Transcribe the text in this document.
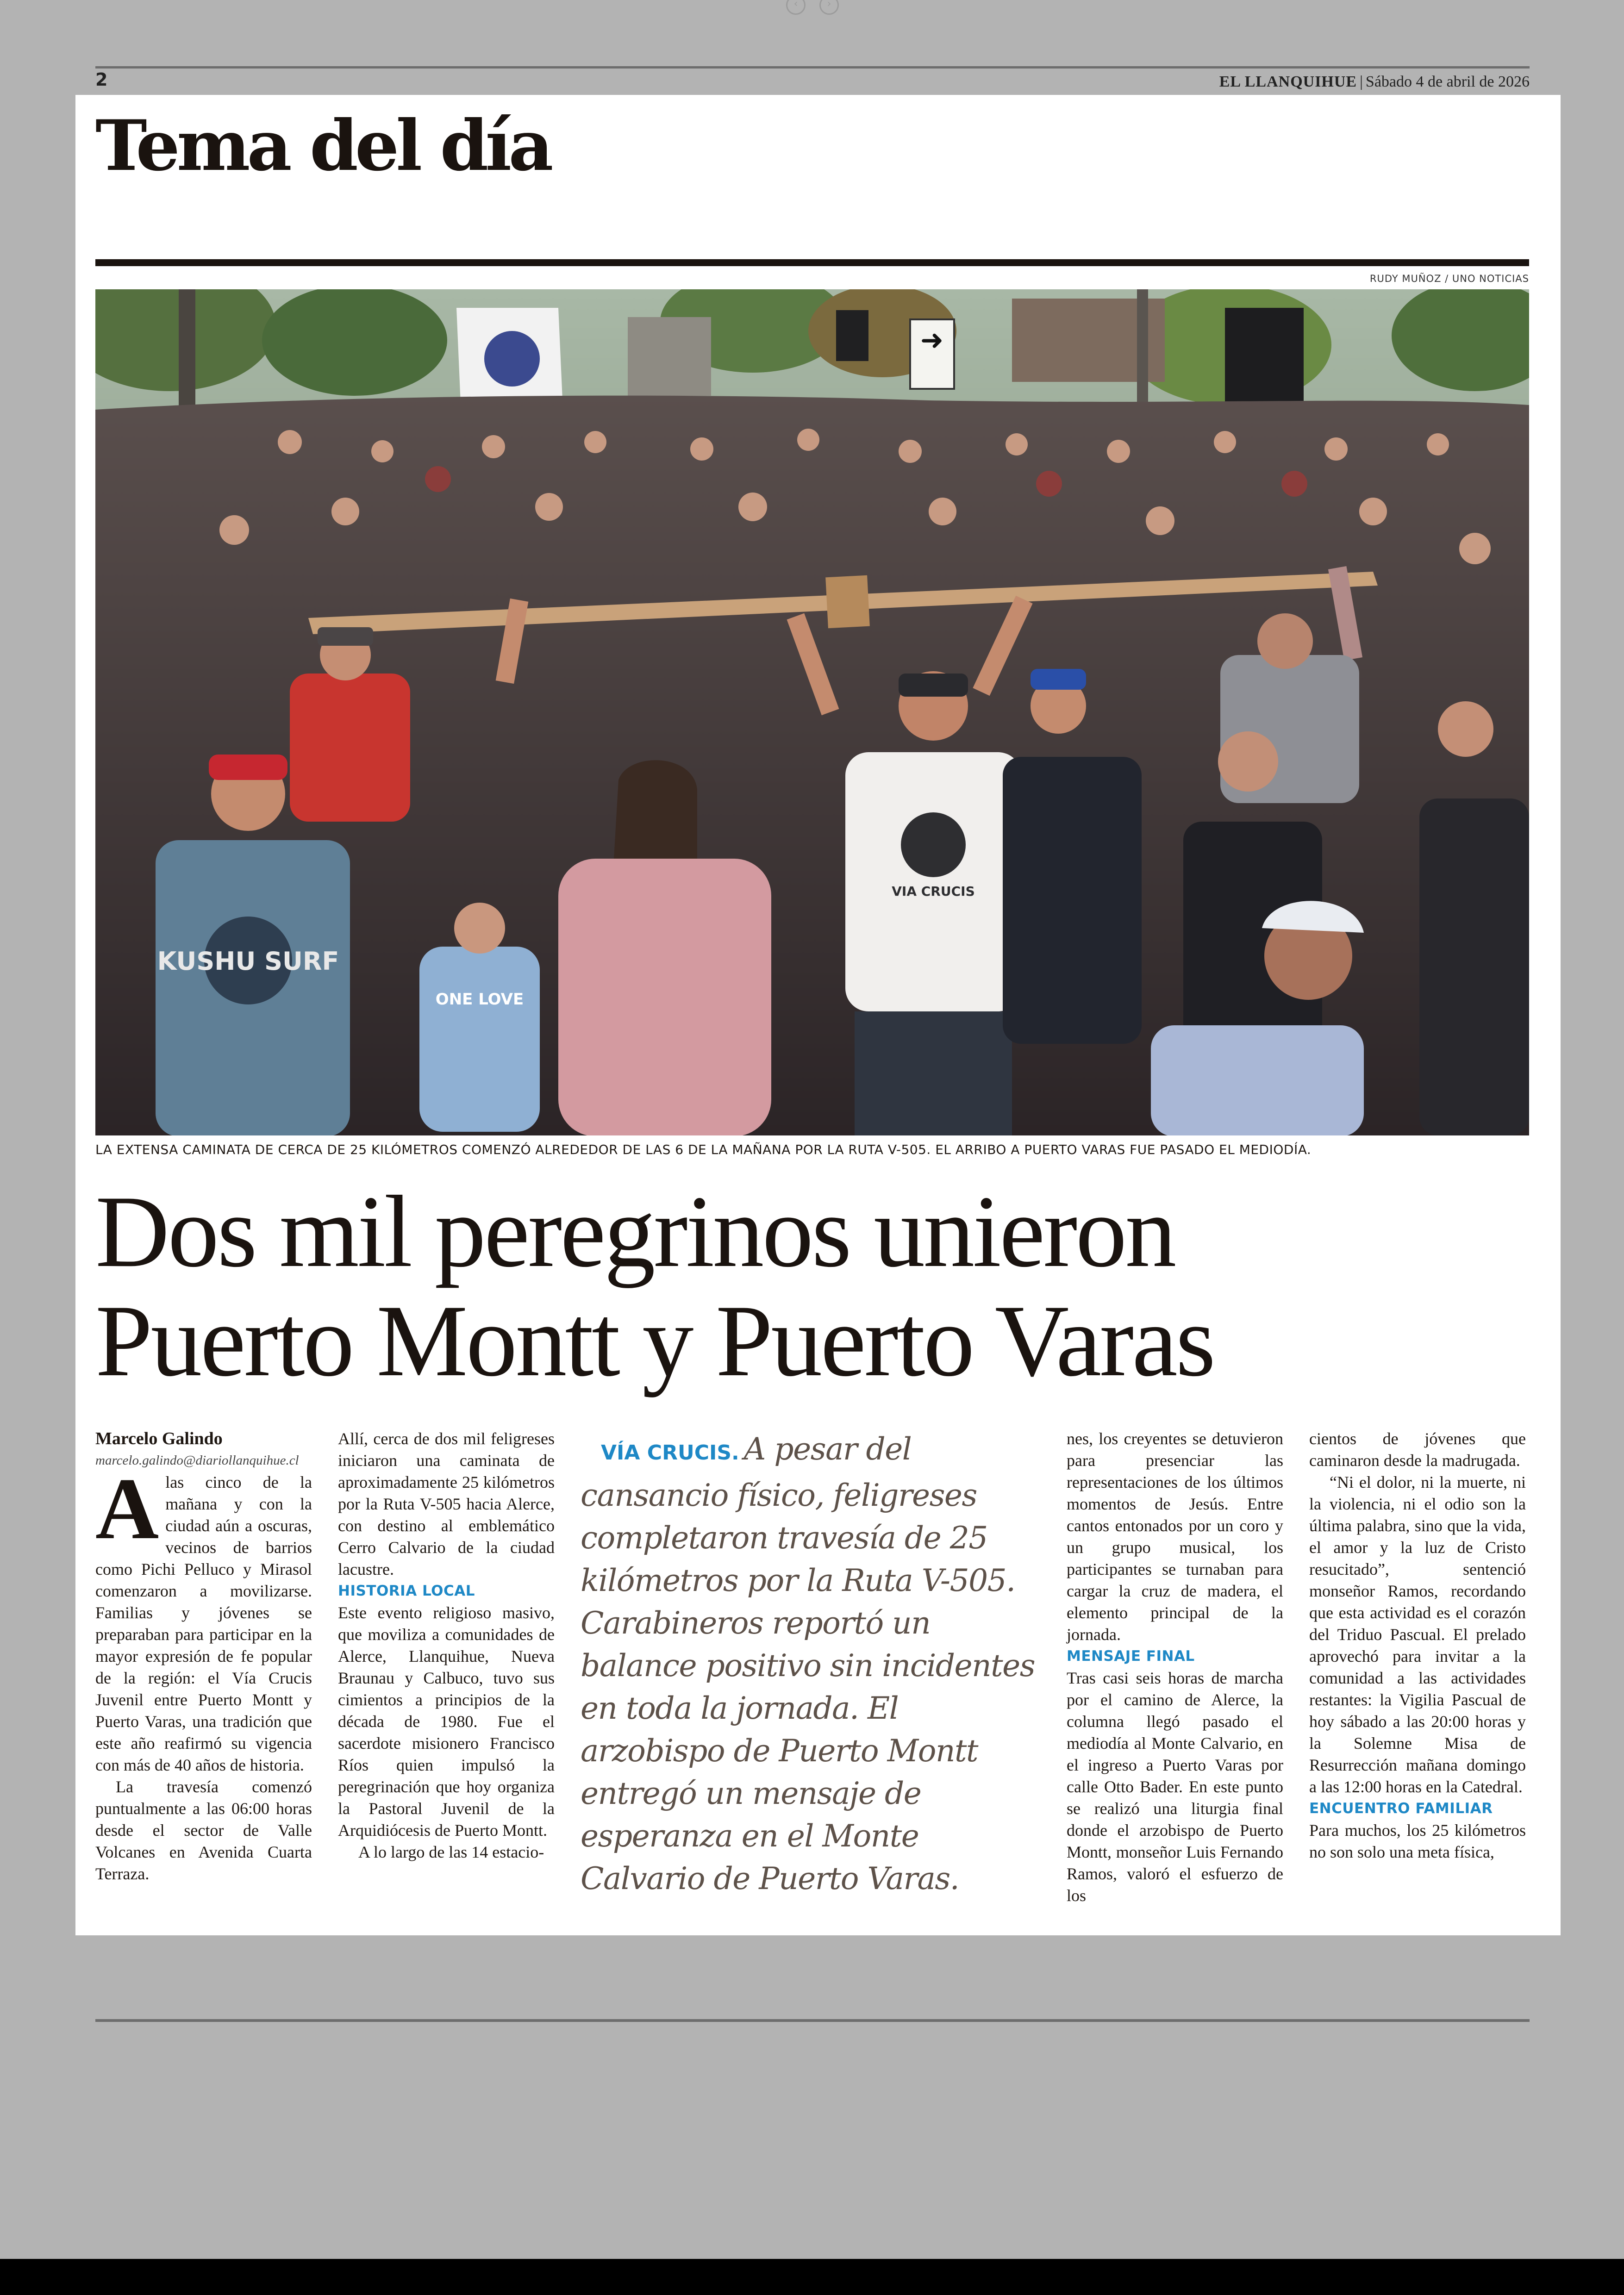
‹	›
2	EL LLANQUIHUE | Sábado 4 de abril de 2026
Tema del día
RUDY MUÑOZ / UNO NOTICIAS
➜
KUSHU SURF
ONE LOVE
VIA CRUCIS
LA EXTENSA CAMINATA DE CERCA DE 25 KILÓMETROS COMENZÓ ALREDEDOR DE LAS 6 DE LA MAÑANA POR LA RUTA V-505. EL ARRIBO A PUERTO VARAS FUE PASADO EL MEDIODÍA.
Dos mil peregrinos unieron
Puerto Montt y Puerto Varas

Marcelo Galindo

marcelo.galindo@diariollanquihue.cl

Alas cinco de la mañana y con la ciudad aún a oscuras, vecinos de barrios como Pichi Pelluco y Mirasol comenzaron a movilizarse. Familias y jóvenes se preparaban para participar en la mayor expresión de fe popular de la región: el Vía Crucis Juvenil entre Puerto Montt y Puerto Varas, una tradición que este año reafirmó su vigencia con más de 40 años de historia.

La travesía comenzó puntualmente a las 06:00 horas desde el sector de Valle Volcanes en Avenida Cuarta Terraza.

Allí, cerca de dos mil feligreses iniciaron una caminata de aproximadamente 25 kilómetros por la Ruta V-505 hacia Alerce, con destino al emblemático Cerro Calvario de la ciudad lacustre.

HISTORIA LOCAL

Este evento religioso masivo, que moviliza a comunidades de Alerce, Llanquihue, Nueva Braunau y Calbuco, tuvo sus cimientos a principios de la década de 1980. Fue el sacerdote misionero Francisco Ríos quien impulsó la peregrinación que hoy organiza la Pastoral Juvenil de la Arquidiócesis de Puerto Montt.

A lo largo de las 14 estacio-

VÍA CRUCIS. A pesar del cansancio físico, feligreses completaron travesía de 25 kilómetros por la Ruta V-505. Carabineros reportó un balance positivo sin incidentes en toda la jornada. El arzobispo de Puerto Montt entregó un mensaje de esperanza en el Monte Calvario de Puerto Varas.

nes, los creyentes se detuvieron para presenciar las representaciones de los últimos momentos de Jesús. Entre cantos entonados por un coro y un grupo musical, los participantes se turnaban para cargar la cruz de madera, el elemento principal de la jornada.

MENSAJE FINAL

Tras casi seis horas de marcha por el camino de Alerce, la columna llegó pasado el mediodía al Monte Calvario, en el ingreso a Puerto Varas por calle Otto Bader. En este punto se realizó una liturgia final donde el arzobispo de Puerto Montt, monseñor Luis Fernando Ramos, valoró el esfuerzo de los

cientos de jóvenes que caminaron desde la madrugada.

“Ni el dolor, ni la muerte, ni la violencia, ni el odio son la última palabra, sino que la vida, el amor y la luz de Cristo resucitado”, sentenció monseñor Ramos, recordando que esta actividad es el corazón del Triduo Pascual. El prelado aprovechó para invitar a la comunidad a las actividades restantes: la Vigilia Pascual de hoy sábado a las 20:00 horas y la Solemne Misa de Resurrección mañana domingo a las 12:00 horas en la Catedral.

ENCUENTRO FAMILIAR

Para muchos, los 25 kilómetros no son solo una meta física,
